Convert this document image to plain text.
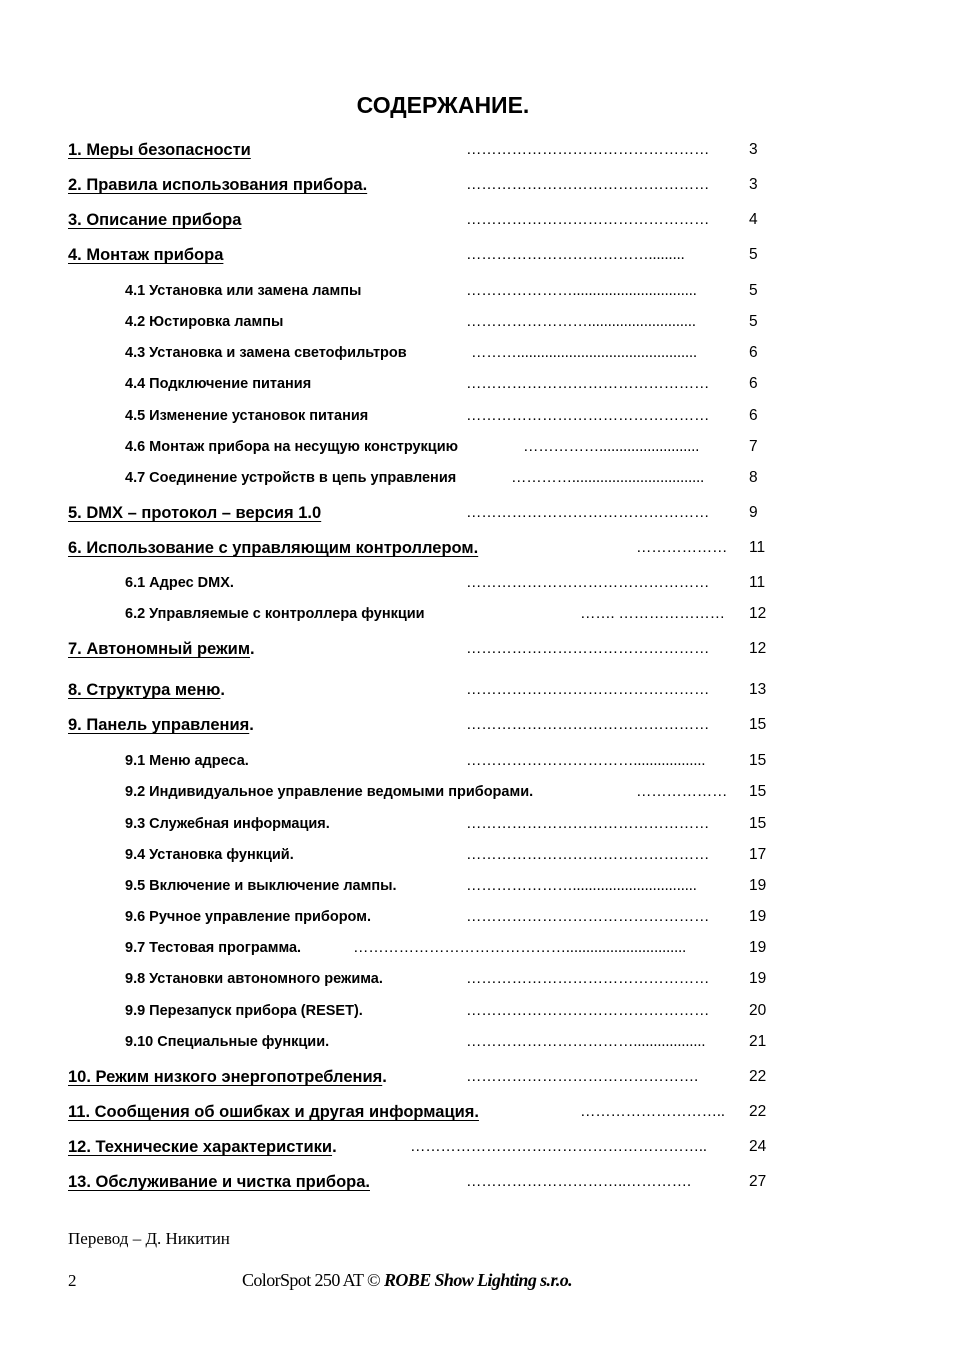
СОДЕРЖАНИЕ.
1. Меры безопасности	…………………………………………	3
2. Правила использования прибора.	…………………………………………	3
3. Описание прибора	…………………………………………	4
4. Монтаж прибора	……………………………….........	5
4.1 Установка или замена лампы	…………………...............................	5
4.2 Юстировка лампы	……………………...........................	5
4.3 Установка и замена светофильтров	……….............................................	6
4.4 Подключение питания	…………………………………………	6
4.5 Изменение установок питания	…………………………………………	6
4.6 Монтаж прибора на несущую конструкцию	…………….........................	7
4.7 Соединение устройств в цепь управления	………….................................	8
5. DMX – протокол – версия 1.0	…………………………………………	9
6. Использование с управляющим контроллером.	……………… 11
6.1 Адрес DMX.	…………………………………………	11
6.2 Управляемые с контроллера функции	……. ………………… 12
7. Автономный режим.	…………………………………………	12
8. Структура меню.	…………………………………………	13
9. Панель управления.	…………………………………………	15
9.1 Меню адреса.	……………………………..................	15
9.2 Индивидуальное управление ведомыми приборами.	……………… 15
9.3 Служебная информация.	…………………………………………	15
9.4 Установка функций.	…………………………………………	17
9.5 Включение и выключение лампы.	…………………...............................	19
9.6 Ручное управление прибором.	…………………………………………	19
9.7 Тестовая программа.	……………………………………..............................	19
9.8 Установки автономного режима.	…………………………………………	19
9.9 Перезапуск прибора (RESET).	…………………………………………	20
9.10 Специальные функции.	……………………………..................	21
10. Режим низкого энергопотребления.	……………………………………….	22
11. Сообщения об ошибках и другая информация.	……………………….. 22
12. Технические характеристики.	…………………………………………………..	24
13. Обслуживание и чистка прибора.	…………………………..………….	27
Перевод – Д. Никитин
2	ColorSpot 250 AT © ROBE Show Lighting s.r.o.
